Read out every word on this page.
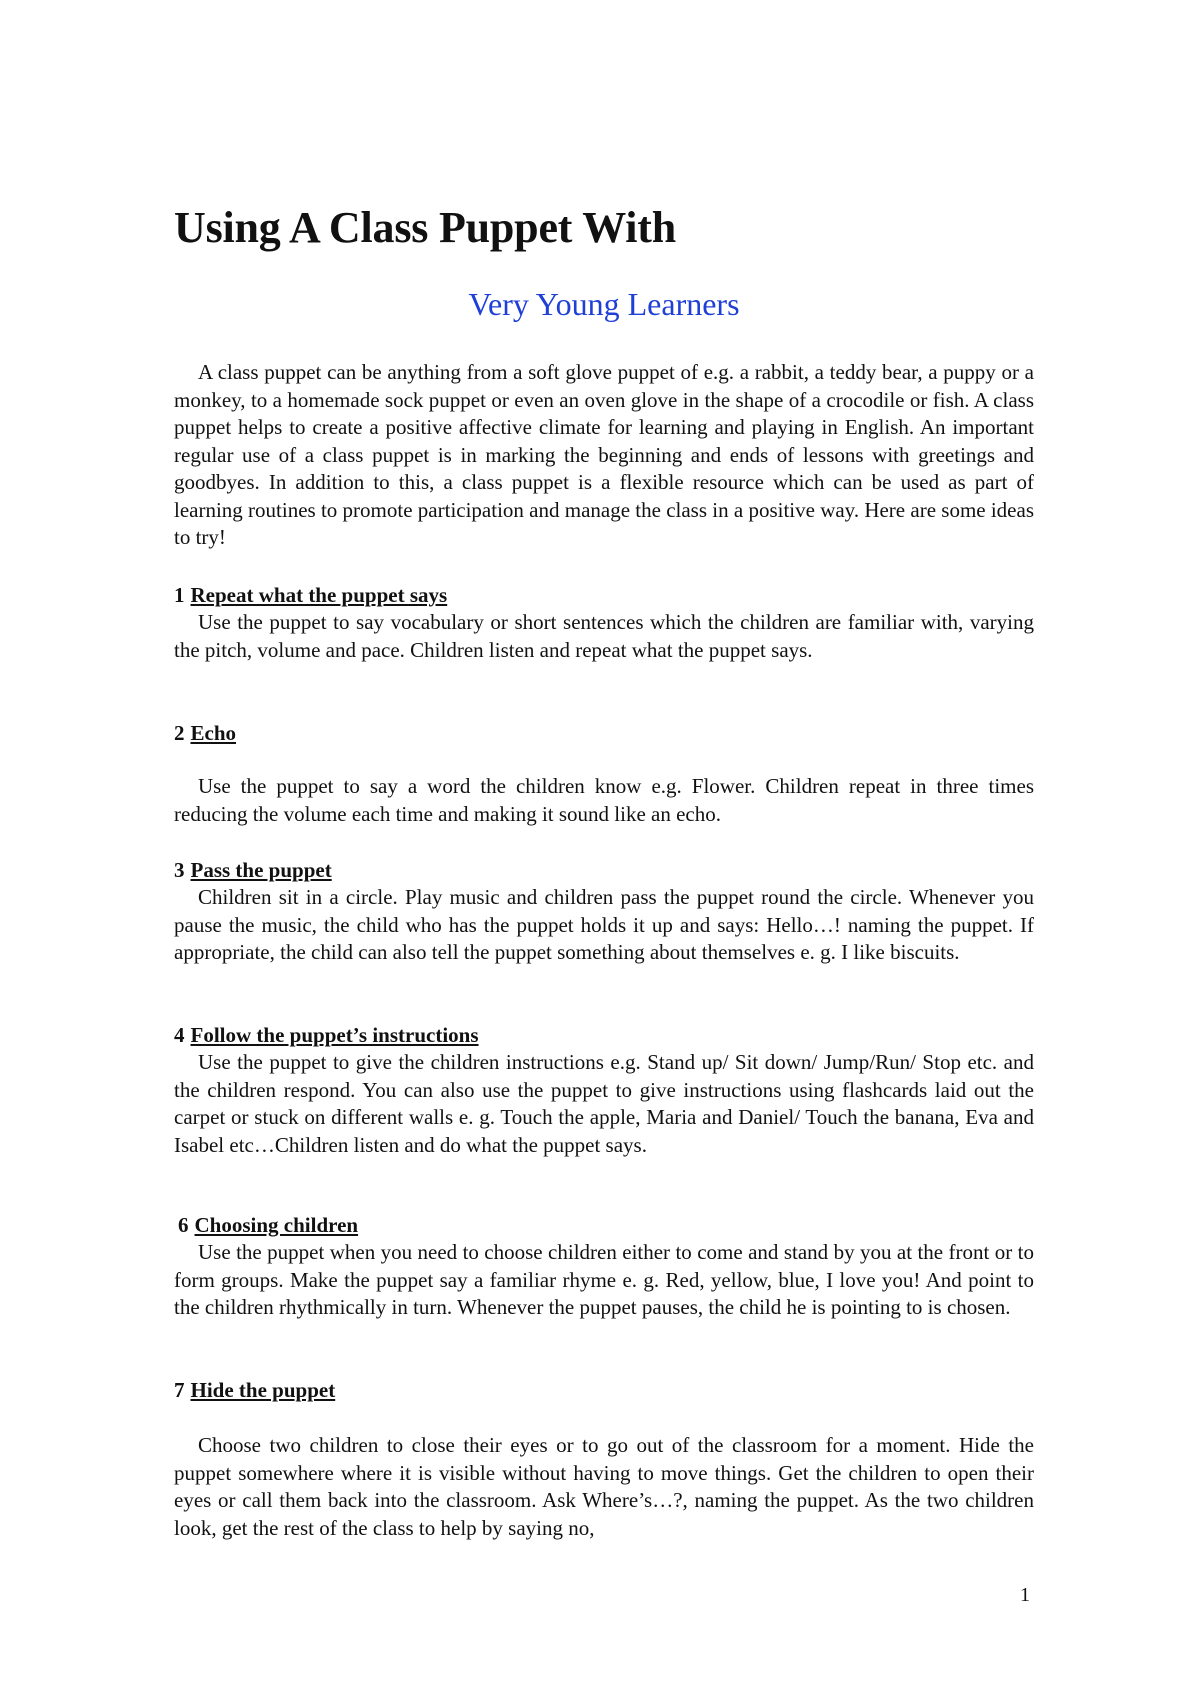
Using A Class Puppet With
Very Young Learners

A class puppet can be anything from a soft glove puppet of e.g. a rabbit, a teddy bear, a puppy or a monkey, to a homemade sock puppet or even an oven glove in the shape of a crocodile or fish. A class puppet helps to create a positive affective climate for learning and playing in English. An important regular use of a class puppet is in marking the beginning and ends of lessons with greetings and goodbyes. In addition to this, a class puppet is a flexible resource which can be used as part of learning routines to promote participation and manage the class in a positive way. Here are some ideas to try!

1 Repeat what the puppet says

Use the puppet to say vocabulary or short sentences which the children are familiar with, varying the pitch, volume and pace. Children listen and repeat what the puppet says.

2 Echo

Use the puppet to say a word the children know e.g. Flower. Children repeat in three times reducing the volume each time and making it sound like an echo.

3 Pass the puppet

Children sit in a circle. Play music and children pass the puppet round the circle. Whenever you pause the music, the child who has the puppet holds it up and says: Hello…! naming the puppet. If appropriate, the child can also tell the puppet something about themselves e. g. I like biscuits.

4 Follow the puppet’s instructions

Use the puppet to give the children instructions e.g. Stand up/ Sit down/ Jump/Run/ Stop etc. and the children respond. You can also use the puppet to give instructions using flashcards laid out the carpet or stuck on different walls e. g. Touch the apple, Maria and Daniel/ Touch the banana, Eva and Isabel etc…Children listen and do what the puppet says.

6 Choosing children

Use the puppet when you need to choose children either to come and stand by you at the front or to form groups. Make the puppet say a familiar rhyme e. g. Red, yellow, blue, I love you! And point to the children rhythmically in turn. Whenever the puppet pauses, the child he is pointing to is chosen.

7 Hide the puppet

Choose two children to close their eyes or to go out of the classroom for a moment. Hide the puppet somewhere where it is visible without having to move things. Get the children to open their eyes or call them back into the classroom. Ask Where’s…?, naming the puppet. As the two children look, get the rest of the class to help by saying no,

1
